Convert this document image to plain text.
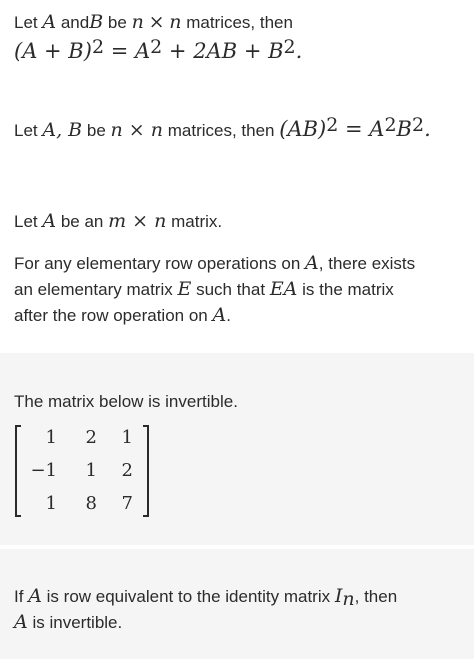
Let A andB be n × n matrices, then
$(A + B)^2 = A^2 + 2AB + B^2$.
Let A, B be n × n matrices, then $(AB)^2 = A^2B^2$.
Let A be an m × n matrix.
For any elementary row operations on A, there exists
an elementary matrix E such that EA is the matrix
after the row operation on A.
The matrix below is invertible.
1	2	1
−1	1	2
1	8	7
If A is row equivalent to the identity matrix $I_n$, then
A is invertible.
